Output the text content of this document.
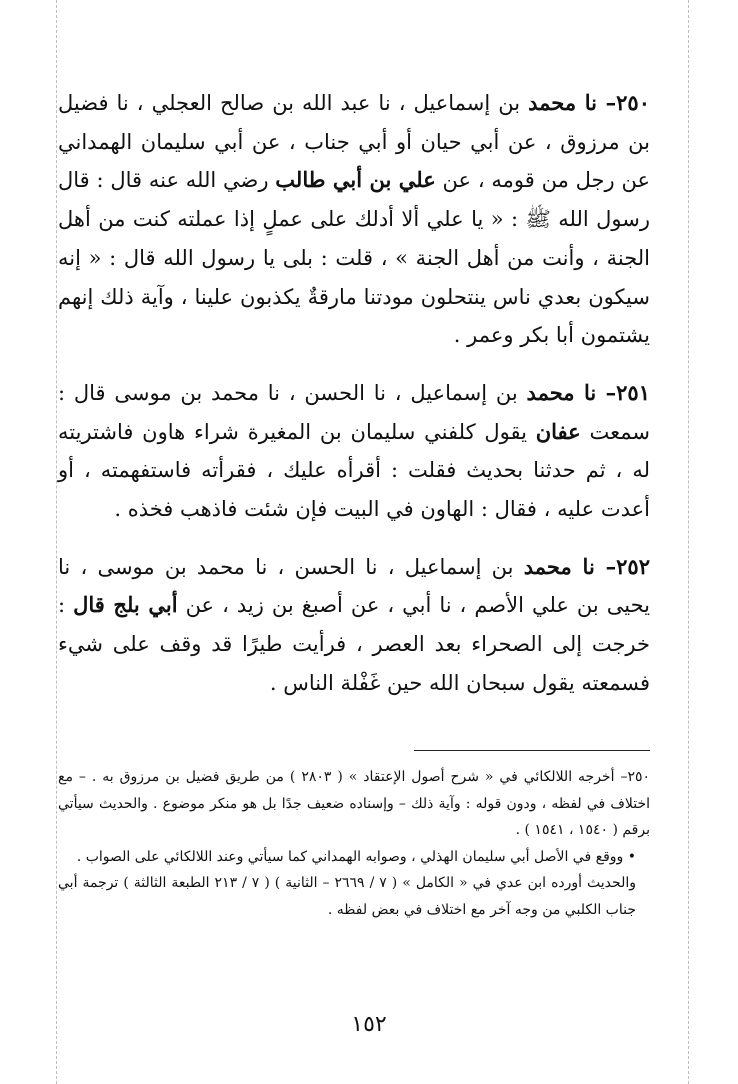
٢٥٠– نا محمد بن إسماعيل ، نا عبد الله بن صالح العجلي ، نا فضيل بن مرزوق ، عن أبي حيان أو أبي جناب ، عن أبي سليمان الهمداني عن رجل من قومه ، عن علي بن أبي طالب رضي الله عنه قال : قال رسول الله ﷺ : « يا علي ألا أدلك على عملٍ إذا عملته كنت من أهل الجنة ، وأنت من أهل الجنة » ، قلت : بلى يا رسول الله قال : « إنه سيكون بعدي ناس ينتحلون مودتنا مارقةٌ يكذبون علينا ، وآية ذلك إنهم يشتمون أبا بكر وعمر .

٢٥١– نا محمد بن إسماعيل ، نا الحسن ، نا محمد بن موسى قال : سمعت عفان يقول كلفني سليمان بن المغيرة شراء هاون فاشتريته له ، ثم حدثنا بحديث فقلت : أقرأه عليك ، فقرأته فاستفهمته ، أو أعدت عليه ، فقال : الهاون في البيت فإن شئت فاذهب فخذه .

٢٥٢– نا محمد بن إسماعيل ، نا الحسن ، نا محمد بن موسى ، نا يحيى بن علي الأصم ، نا أبي ، عن أصبغ بن زيد ، عن أبي بلج قال : خرجت إلى الصحراء بعد العصر ، فرأيت طيرًا قد وقف على شيء فسمعته يقول سبحان الله حين غَفْلة الناس .

٢٥٠– أخرجه اللالكائي في « شرح أصول الإعتقاد » ( ٢٨٠٣ ) من طريق فضيل بن مرزوق به . – مع اختلاف في لفظه ، ودون قوله : وآية ذلك – وإسناده ضعيف جدًا بل هو منكر موضوع . والحديث سيأتي برقم ( ١٥٤٠ ، ١٥٤١ ) .

• ووقع في الأصل أبي سليمان الهذلي ، وصوابه الهمداني كما سيأتي وعند اللالكائي على الصواب .

والحديث أورده ابن عدي في « الكامل » ( ٧ / ٢٦٦٩ – الثانية ) ( ٧ / ٢١٣ الطبعة الثالثة ) ترجمة أبي جناب الكلبي من وجه آخر مع اختلاف في بعض لفظه .

١٥٢
